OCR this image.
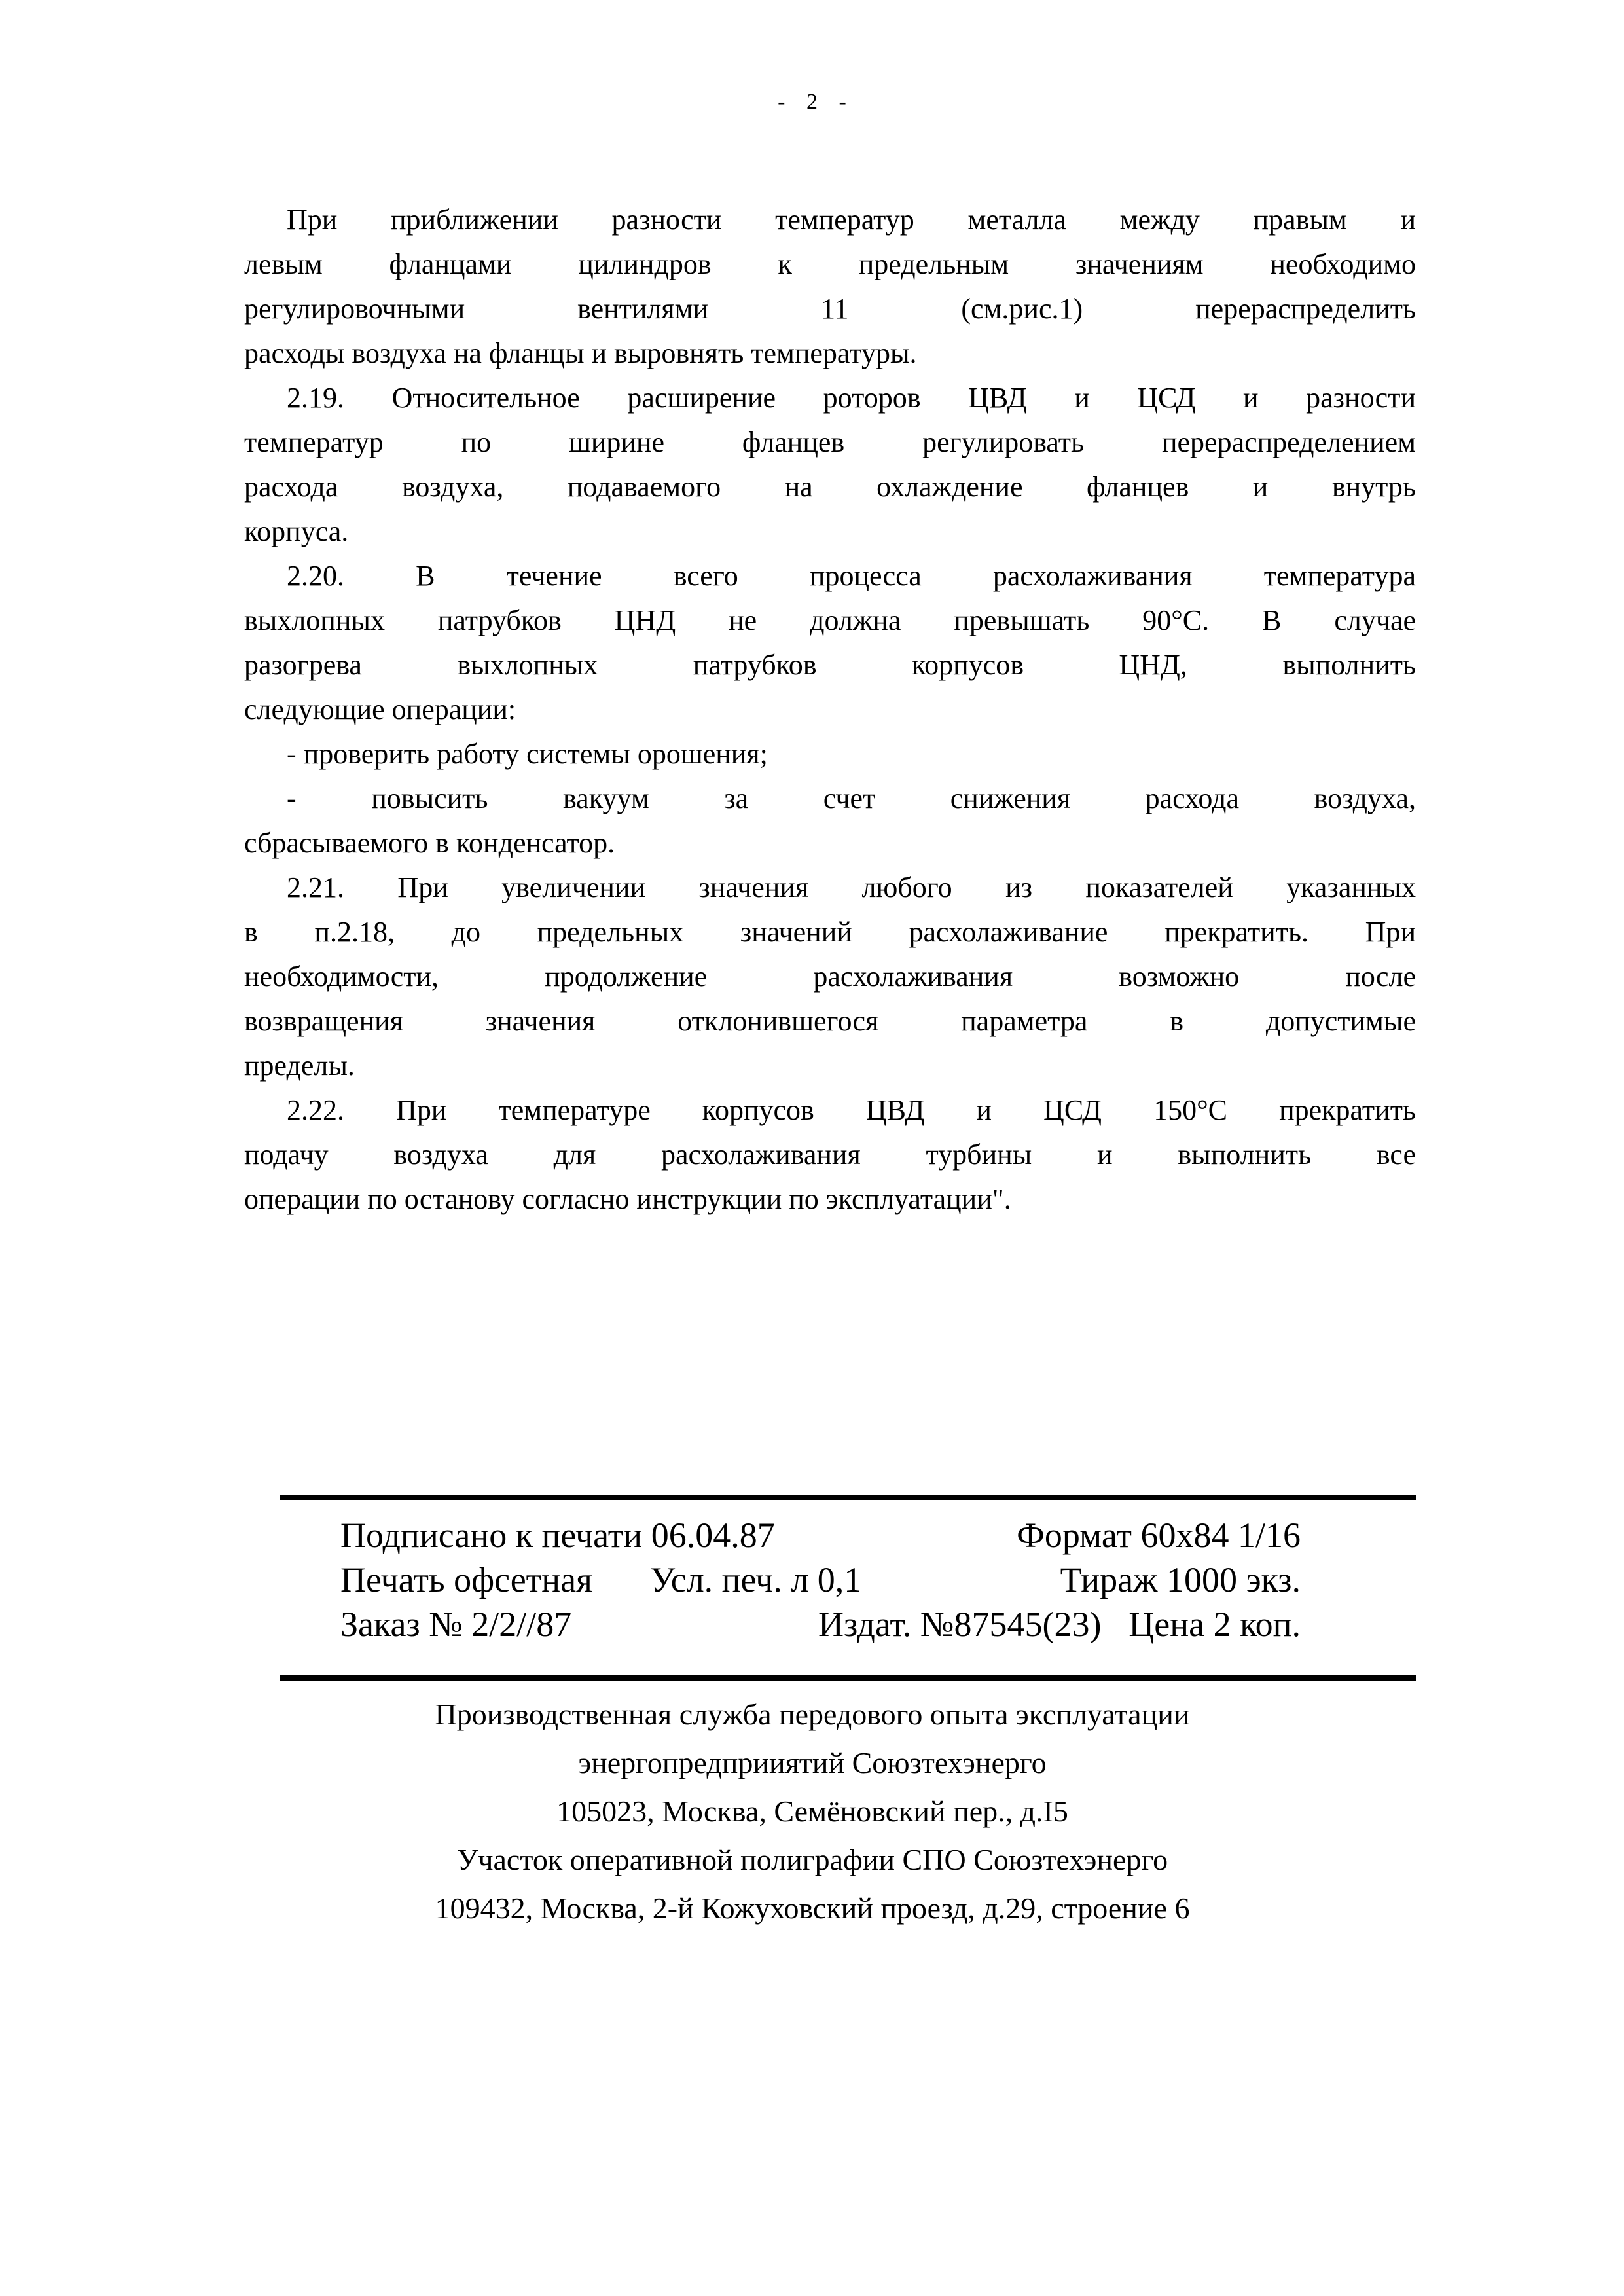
- 2 -
При приближении разности температур металла между правым и
левым фланцами цилиндров к предельным значениям необходимо
регулировочными вентилями 11 (см.рис.1) перераспределить
расходы воздуха на фланцы и выровнять температуры.
2.19. Относительное расширение роторов ЦВД и ЦСД и разности
температур по ширине фланцев регулировать перераспределением
расхода воздуха, подаваемого на охлаждение фланцев и внутрь
корпуса.
2.20. В течение всего процесса расхолаживания температура
выхлопных патрубков ЦНД не должна превышать 90°С. В случае
разогрева выхлопных патрубков корпусов ЦНД, выполнить
следующие операции:
- проверить работу системы орошения;
- повысить вакуум за счет снижения расхода воздуха,
сбрасываемого в конденсатор.
2.21. При увеличении значения любого из показателей указанных
в п.2.18, до предельных значений расхолаживание прекратить. При
необходимости, продолжение расхолаживания возможно после
возвращения значения отклонившегося параметра в допустимые
пределы.
2.22. При температуре корпусов ЦВД и ЦСД 150°С прекратить
подачу воздуха для расхолаживания турбины и выполнить все
операции по останову согласно инструкции по эксплуатации".
Подписано к печати 06.04.87	Формат 60х84 1/16
Печать офсетная Усл. печ. л 0,1	Тираж 1000 экз.
Заказ № 2/2//87	Издат. №87545(23) Цена 2 коп.
Производственная служба передового опыта эксплуатации
энергопредприиятий Союзтехэнерго
105023, Москва, Семёновский пер., д.I5
Участок оперативной полиграфии СПО Союзтехэнерго
109432, Москва, 2-й Кожуховский проезд, д.29, строение 6
